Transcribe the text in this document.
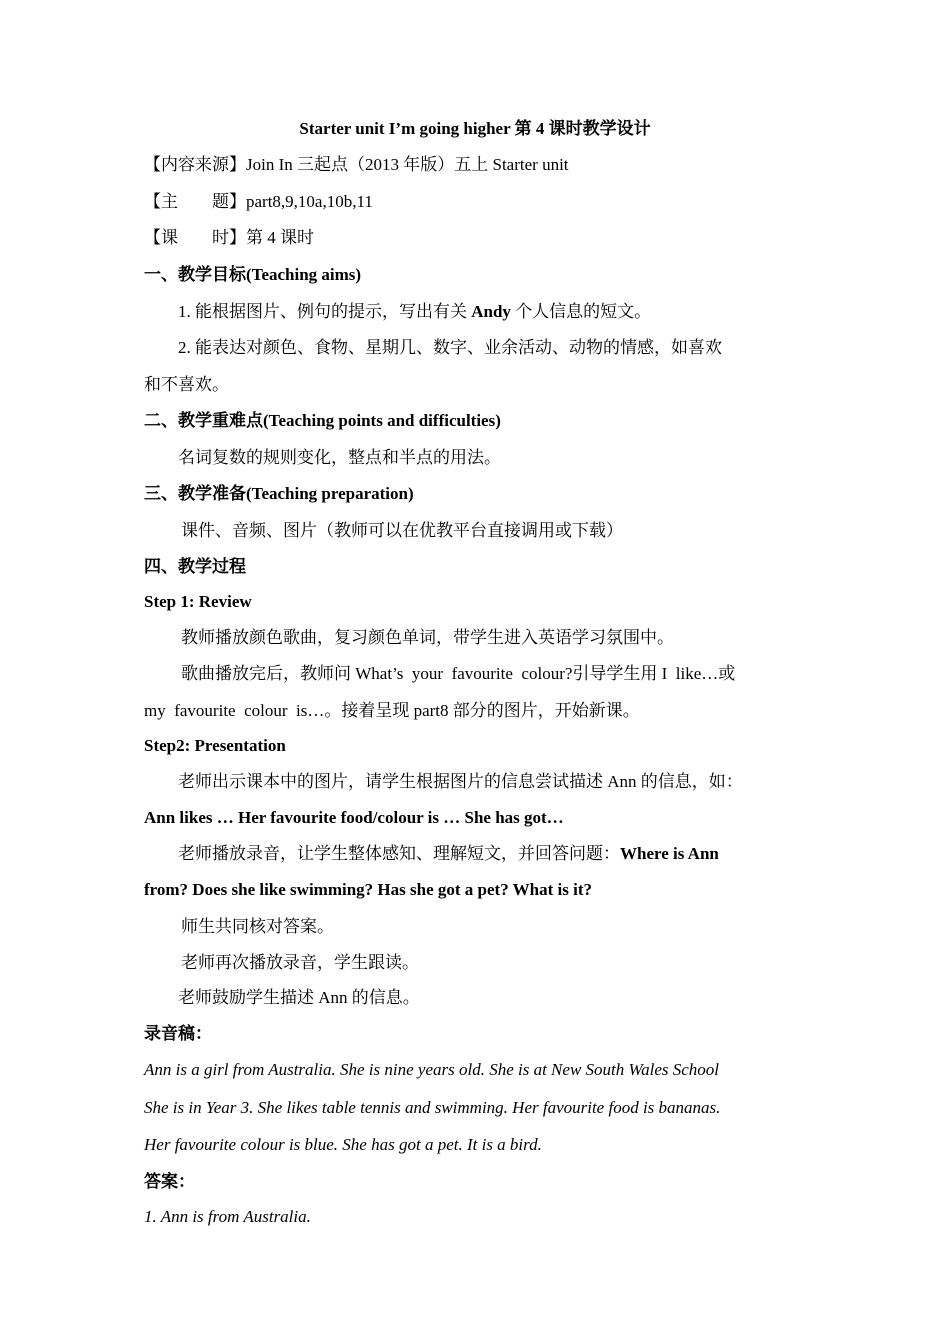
Starter unit I’m going higher 第 4 课时教学设计
【内容来源】Join In 三起点（2013 年版）五上 Starter unit
【主        题】part8,9,10a,10b,11
【课        时】第 4 课时
一、教学目标(Teaching aims)
1. 能根据图片、例句的提示，写出有关 Andy 个人信息的短文。
2. 能表达对颜色、食物、星期几、数字、业余活动、动物的情感，如喜欢
和不喜欢。
二、教学重难点(Teaching points and difficulties)
名词复数的规则变化，整点和半点的用法。
三、教学准备(Teaching preparation)
课件、音频、图片（教师可以在优教平台直接调用或下载）
四、教学过程
Step 1: Review
教师播放颜色歌曲，复习颜色单词，带学生进入英语学习氛围中。
歌曲播放完后，教师问 What’s  your  favourite  colour?引导学生用 I  like…或
my  favourite  colour  is…。接着呈现 part8 部分的图片，开始新课。
Step2: Presentation
老师出示课本中的图片，请学生根据图片的信息尝试描述 Ann 的信息，如：
Ann likes … Her favourite food/colour is … She has got…
老师播放录音，让学生整体感知、理解短文，并回答问题：Where is Ann
from? Does she like swimming? Has she got a pet? What is it?
师生共同核对答案。
老师再次播放录音，学生跟读。
老师鼓励学生描述 Ann 的信息。
录音稿：
Ann is a girl from Australia. She is nine years old. She is at New South Wales School
She is in Year 3. She likes table tennis and swimming. Her favourite food is bananas.
Her favourite colour is blue. She has got a pet. It is a bird.
答案：
1. Ann is from Australia.
